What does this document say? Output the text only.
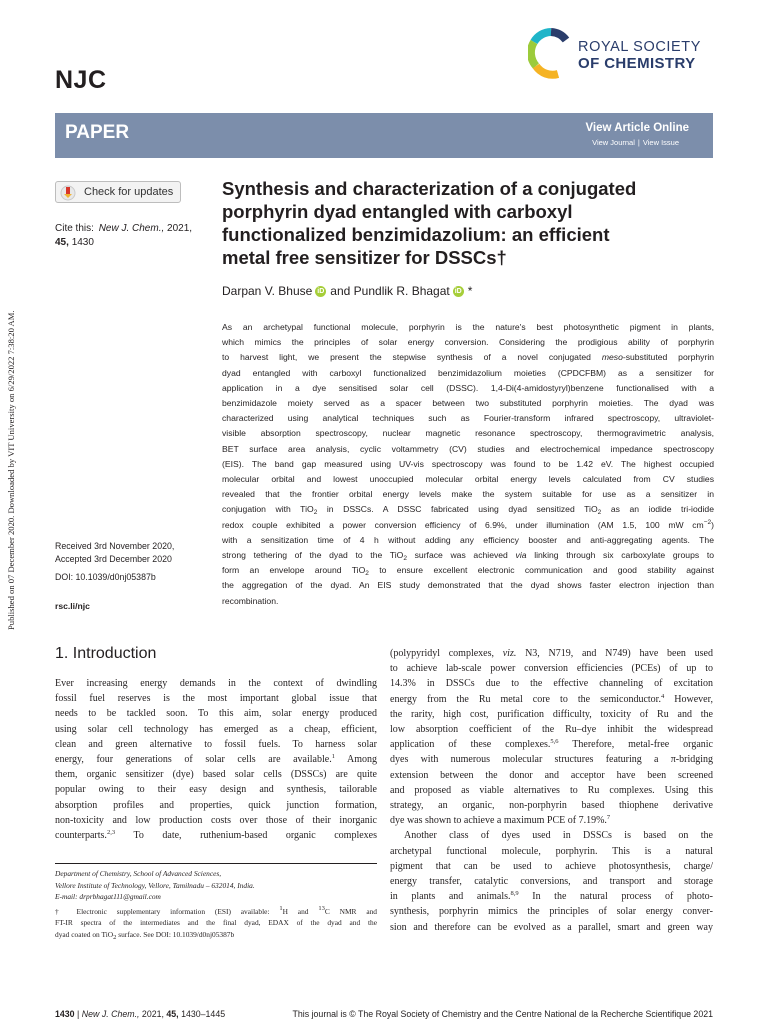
Published on 07 December 2020. Downloaded by VIT University on 6/29/2022 7:38:20 AM.
NJC
ROYAL SOCIETY
OF CHEMISTRY
PAPER	View Article Online
View Journal | View Issue
Check for updates
Cite this: New J. Chem., 2021,
45, 1430
Synthesis and characterization of a conjugated
porphyrin dyad entangled with carboxyl
functionalized benzimidazolium: an efficient
metal free sensitizer for DSSCs†
Darpan V. Bhuse iD and
Pundlik R. Bhagat iD *
As an archetypal functional molecule, porphyrin is the nature's best photosynthetic pigment in plants,
which mimics the principles of solar energy conversion. Considering the prodigious ability of porphyrin
to harvest light, we present the stepwise synthesis of a novel conjugated meso-substituted porphyrin
dyad entangled with carboxyl functionalized benzimidazolium moieties (CPDCFBM) as a sensitizer for
application in a dye sensitised solar cell (DSSC). 1,4-Di(4-amidostyryl)benzene functionalised with a
benzimidazole moiety served as a spacer between two substituted porphyrin moieties. The dyad was
characterized using analytical techniques such as Fourier-transform infrared spectroscopy, ultraviolet-
visible absorption spectroscopy, nuclear magnetic resonance spectroscopy, thermogravimetric analysis,
BET surface area analysis, cyclic voltammetry (CV) studies and electrochemical impedance spectroscopy
(EIS). The band gap measured using UV-vis spectroscopy was found to be 1.42 eV. The highest occupied
molecular orbital and lowest unoccupied molecular orbital energy levels calculated from CV studies
revealed that the frontier orbital energy levels make the system suitable for use as a sensitizer in
conjugation with TiO$_2$ in DSSCs. A DSSC fabricated using dyad sensitized TiO$_2$ as an iodide tri-iodide
redox couple exhibited a power conversion efficiency of 6.9%, under illumination (AM 1.5, 100 mW $cm^{-2}$)
with a sensitization time of 4 h without adding any efficiency booster and anti-aggregating agents. The
strong tethering of the dyad to the TiO$_2$ surface was achieved via linking through six carboxylate groups to
form an envelope around TiO$_2$ to ensure excellent electronic communication and good stability against
the aggregation of the dyad. An EIS study demonstrated that the dyad shows faster electron injection than
recombination.
Received 3rd November 2020,
Accepted 3rd December 2020
DOI: 10.1039/d0nj05387b
rsc.li/njc
1. Introduction
Ever increasing energy demands in the context of dwindling
fossil fuel reserves is the most important global issue that
needs to be tackled soon. To this aim, solar energy produced
using solar cell technology has emerged as a cheap, efficient,
clean and green alternative to fossil fuels. To harness solar
energy, four generations of solar cells are available.$^1$ Among
them, organic sensitizer (dye) based solar cells (DSSCs) are quite
popular owing to their easy design and synthesis, tailorable
absorption profiles and properties, quick junction formation,
non-toxicity and low production costs over those of their inorganic
counterparts.$^{2,3}$ To date, ruthenium-based organic complexes
Department of Chemistry, School of Advanced Sciences,
Vellore Institute of Technology, Vellore, Tamilnadu – 632014, India.
E-mail: drprbhagat111@gmail.com
† Electronic supplementary information (ESI) available: $^1$H and $^{13}$C NMR and
FT-IR spectra of the intermediates and the final dyad, EDAX of the dyad and the
dyad coated on TiO$_2$ surface. See DOI: 10.1039/d0nj05387b
(polypyridyl complexes, viz. N3, N719, and N749) have been used
to achieve lab-scale power conversion efficiencies (PCEs) of up to
14.3% in DSSCs due to the effective channeling of excitation
energy from the Ru metal core to the semiconductor.$^4$ However,
the rarity, high cost, purification difficulty, toxicity of Ru and the
low absorption coefficient of the Ru–dye inhibit the widespread
application of these complexes.$^{5,6}$ Therefore, metal-free organic
dyes with numerous molecular structures featuring a π-bridging
extension between the donor and acceptor have been screened
and proposed as viable alternatives to Ru complexes. Using this
strategy, an organic, non-porphyrin based thiophene derivative
dye was shown to achieve a maximum PCE of 7.19%.$^7$
Another class of dyes used in DSSCs is based on the
archetypal functional molecule, porphyrin. This is a natural
pigment that can be used to achieve photosynthesis, charge/
energy transfer, catalytic conversions, and transport and storage
in plants and animals.$^{8,9}$ In the natural process of photo-
synthesis, porphyrin mimics the principles of solar energy conver-
sion and therefore can be evolved as a parallel, smart and green way
1430 | New J. Chem., 2021, 45, 1430–1445	This journal is © The Royal Society of Chemistry and the Centre National de la Recherche Scientifique 2021
